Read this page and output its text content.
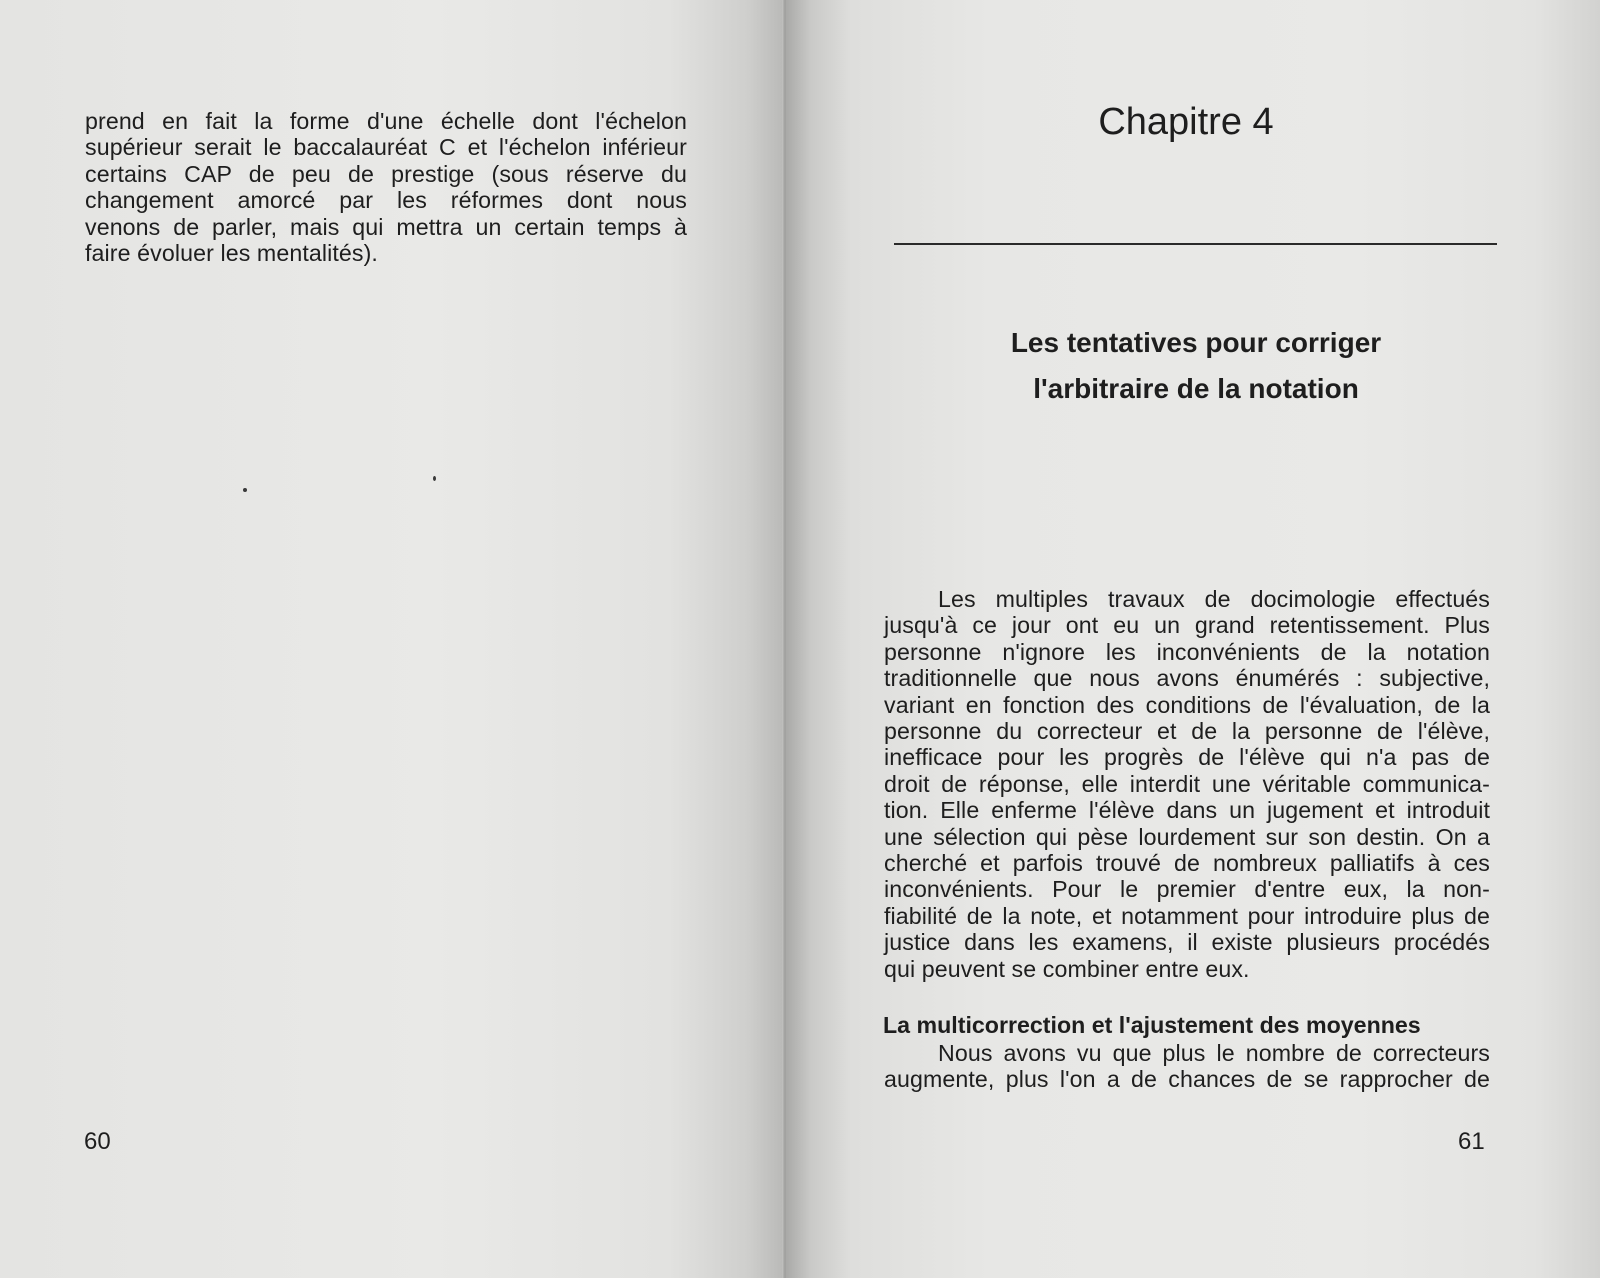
prend en fait la forme d'une échelle dont l'échelon
supérieur serait le baccalauréat C et l'échelon inférieur
certains CAP de peu de prestige (sous réserve du
changement amorcé par les réformes dont nous
venons de parler, mais qui mettra un certain temps à
faire évoluer les mentalités).
60
Chapitre 4
Les tentatives pour corriger
l'arbitraire de la notation
Les multiples travaux de docimologie effectués
jusqu'à ce jour ont eu un grand retentissement. Plus
personne n'ignore les inconvénients de la notation
traditionnelle que nous avons énumérés : subjective,
variant en fonction des conditions de l'évaluation, de la
personne du correcteur et de la personne de l'élève,
inefficace pour les progrès de l'élève qui n'a pas de
droit de réponse, elle interdit une véritable communica-
tion. Elle enferme l'élève dans un jugement et introduit
une sélection qui pèse lourdement sur son destin. On a
cherché et parfois trouvé de nombreux palliatifs à ces
inconvénients. Pour le premier d'entre eux, la non-
fiabilité de la note, et notamment pour introduire plus de
justice dans les examens, il existe plusieurs procédés
qui peuvent se combiner entre eux.
La multicorrection et l'ajustement des moyennes
Nous avons vu que plus le nombre de correcteurs
augmente, plus l'on a de chances de se rapprocher de
61
